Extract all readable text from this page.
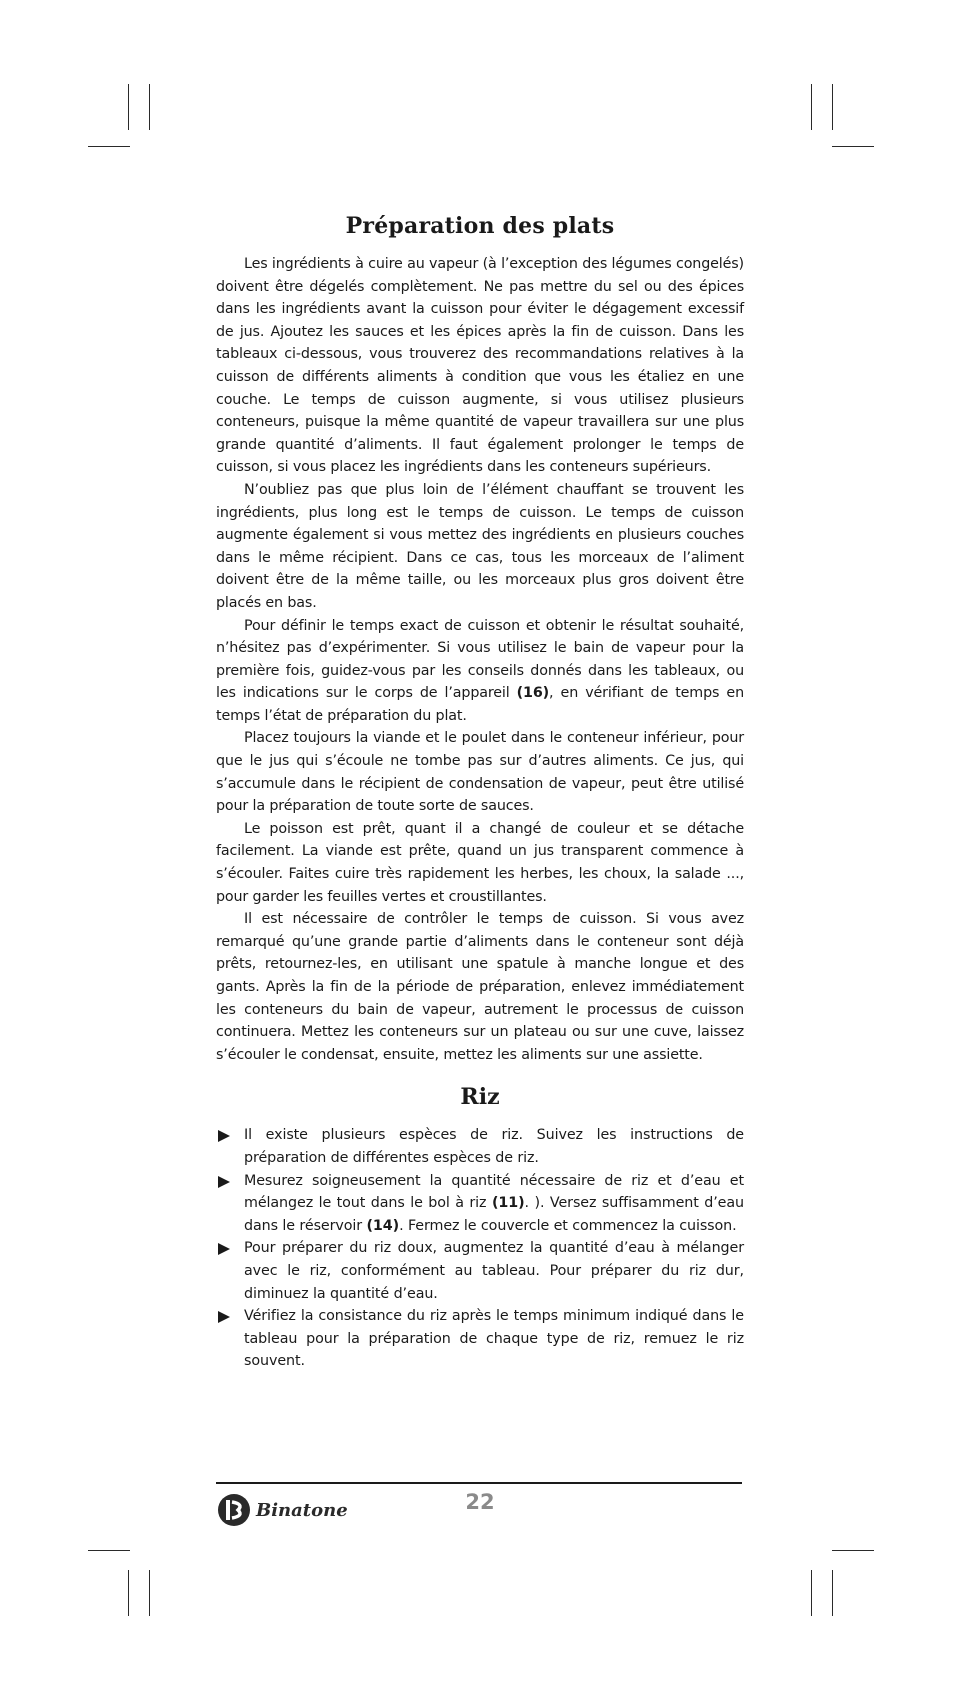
Préparation des plats

Les ingrédients à cuire au vapeur (à l’exception des légumes congelés) doivent être dégelés complètement. Ne pas mettre du sel ou des épices dans les ingrédients avant la cuisson pour éviter le dégagement excessif de jus. Ajoutez les sauces et les épices après la fin de cuisson. Dans les tableaux ci-dessous, vous trouverez des recommandations relatives à la cuisson de différents aliments à condition que vous les étaliez en une couche. Le temps de cuisson augmente, si vous utilisez plusieurs conteneurs, puisque la même quantité de vapeur travaillera sur une plus grande quantité d’aliments. Il faut également prolonger le temps de cuisson, si vous placez les ingrédients dans les conteneurs supérieurs.

N’oubliez pas que plus loin de l’élément chauffant se trouvent les ingrédients, plus long est le temps de cuisson. Le temps de cuisson augmente également si vous mettez des ingrédients en plusieurs couches dans le même récipient. Dans ce cas, tous les morceaux de l’aliment doivent être de la même taille, ou les morceaux plus gros doivent être placés en bas.

Pour définir le temps exact de cuisson et obtenir le résultat souhaité, n’hésitez pas d’expérimenter. Si vous utilisez le bain de vapeur pour la première fois, guidez-vous par les conseils donnés dans les tableaux, ou les indications sur le corps de l’appareil (16), en vérifiant de temps en temps l’état de préparation du plat.

Placez toujours la viande et le poulet dans le conteneur inférieur, pour que le jus qui s’écoule ne tombe pas sur d’autres aliments. Ce jus, qui s’accumule dans le récipient de condensation de vapeur, peut être utilisé pour la préparation de toute sorte de sauces.

Le poisson est prêt, quant il a changé de couleur et se détache facilement. La viande est prête, quand un jus transparent commence à s’écouler. Faites cuire très rapidement les herbes, les choux, la salade ..., pour garder les feuilles vertes et croustillantes.

Il est nécessaire de contrôler le temps de cuisson. Si vous avez remarqué qu’une grande partie d’aliments dans le conteneur sont déjà prêts, retournez-les, en utilisant une spatule à manche longue et des gants. Après la fin de la période de préparation, enlevez immédiatement les conteneurs du bain de vapeur, autrement le processus de cuisson continuera. Mettez les conteneurs sur un plateau ou sur une cuve, laissez s’écouler le condensat, ensuite, mettez les aliments sur une assiette.

Riz
Il existe plusieurs espèces de riz. Suivez les instructions de préparation de différentes espèces de riz.
Mesurez soigneusement la quantité nécessaire de riz et d’eau et mélangez le tout dans le bol à riz (11). ). Versez suffisamment d’eau dans le réservoir (14). Fermez le couvercle et commencez la cuisson.
Pour préparer du riz doux, augmentez la quantité d’eau à mélanger avec le riz, conformément au tableau. Pour préparer du riz dur, diminuez la quantité d’eau.
Vérifiez la consistance du riz après le temps minimum indiqué dans le tableau pour la préparation de chaque type de riz, remuez le riz souvent.
Binatone	22
